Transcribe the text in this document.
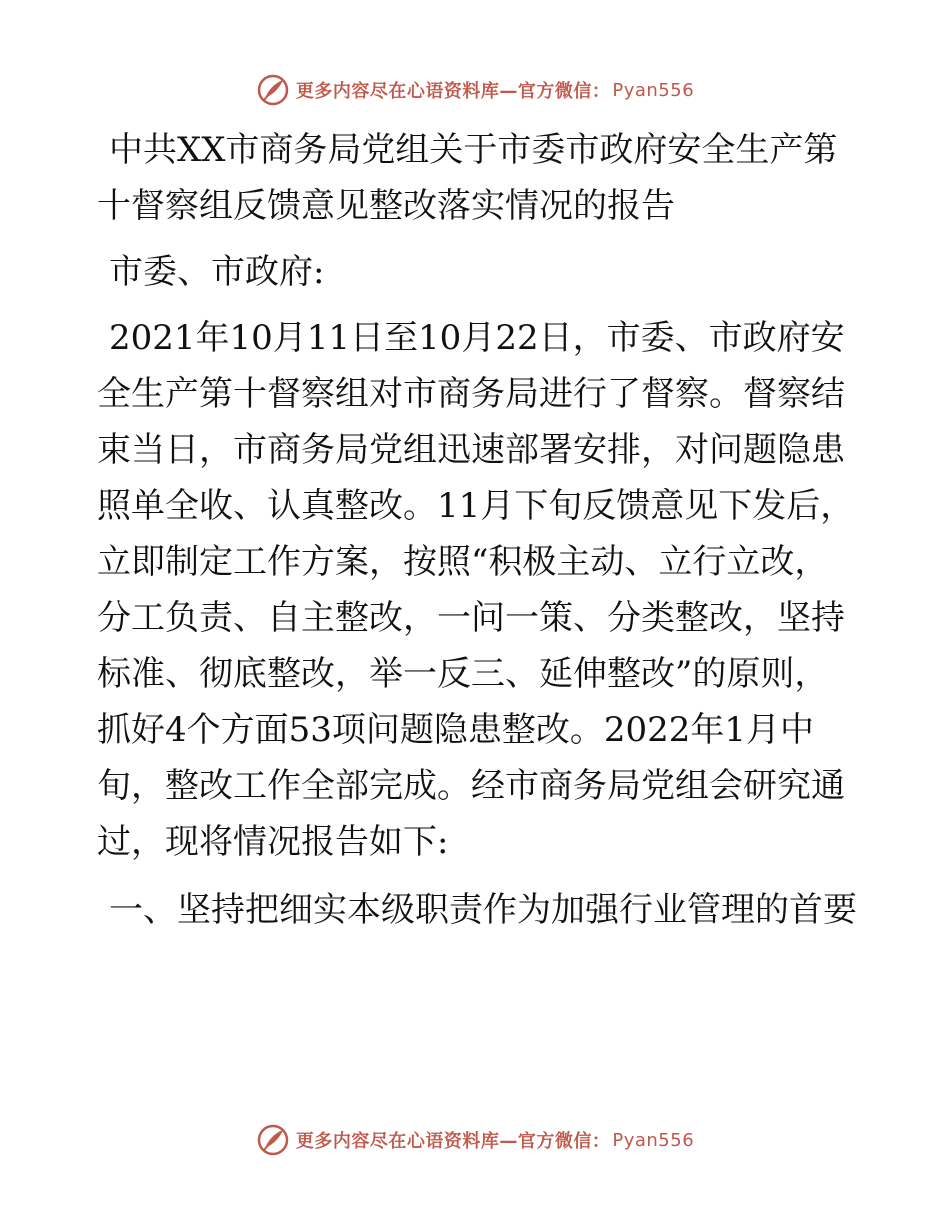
更多内容尽在心语资料库—官方微信： Pyan556

中共XX市商务局党组关于市委市政府安全生产第十督察组反馈意见整改落实情况的报告

市委、市政府:

2021年10月11日至10月22日，市委、市政府安全生产第十督察组对市商务局进行了督察。督察结束当日，市商务局党组迅速部署安排，对问题隐患照单全收、认真整改。11月下旬反馈意见下发后，立即制定工作方案，按照“积极主动、立行立改，分工负责、自主整改，一问一策、分类整改，坚持标准、彻底整改，举一反三、延伸整改”的原则，抓好4个方面53项问题隐患整改。2022年1月中旬，整改工作全部完成。经市商务局党组会研究通过，现将情况报告如下:

一、坚持把细实本级职责作为加强行业管理的首要

更多内容尽在心语资料库—官方微信： Pyan556
